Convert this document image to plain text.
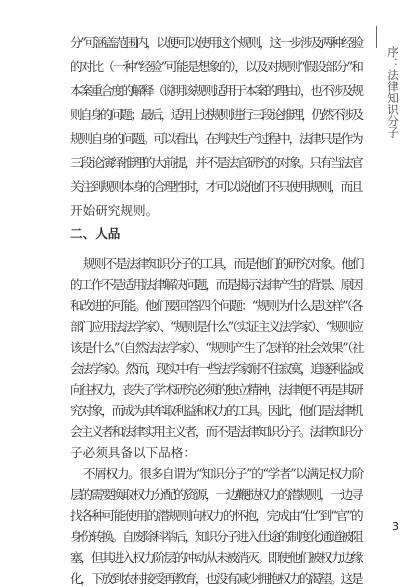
序：法律知识分子
分”可涵盖范围内，以便可以使用这个规则，这一步涉及两种经验
的对比（一种“经验”可能是想象的），以及对规则“假设部分”和
本案重合度的解释（说明该规则适用于本案的理由），也不涉及规
则自身的问题；最后，适用上述规则进行三段论推理，仍然不涉及
规则自身的问题。可以看出，在判决生产过程中，法律只是作为
三段论演绎推理的大前提，并不是法官研究的对象。只有当法官
关注到规则本身的合理性时，才可以说他们不只使用规则，而且
开始研究规则。
二、人品
规则不是法律知识分子的工具，而是他们的研究对象。他们
的工作不是适用法律解决问题，而是揭示法律产生的背景、原因
和改进的可能。他们要回答四个问题：“规则为什么是这样”（各
部门应用法法学家）、“规则是什么”（实证主义法学家）、“规则应
该是什么”（自然法法学家）、“规则产生了怎样的社会效果”（社
会法学家）。然而，现实中有一些法学家耐不住寂寞，追逐利益或
向往权力，丧失了学术研究必须的独立精神，法律便不再是其研
究对象，而成为其牟取利益和权力的工具。因此，他们是法律机
会主义者和法律实用主义者，而不是法律知识分子。法律知识分
子必须具备以下品格：
不屑权力。很多自谓为“知识分子”的“学者”以满足权力阶
层的需要换取权力分配的资源，一边鞭挞权力的潜规则，一边寻
找各种可能使用的潜规则向权力的怀抱，完成由“仕”到“官”的
身份转换。自废除科举后，知识分子进入仕途的制度化通道被阻
塞，但其进入权力阶层的冲动从未被消灭。即使他们被权力边缘
化，下放到农村接受再教育，也没有减少拥抱权力的渴望。这是
3
